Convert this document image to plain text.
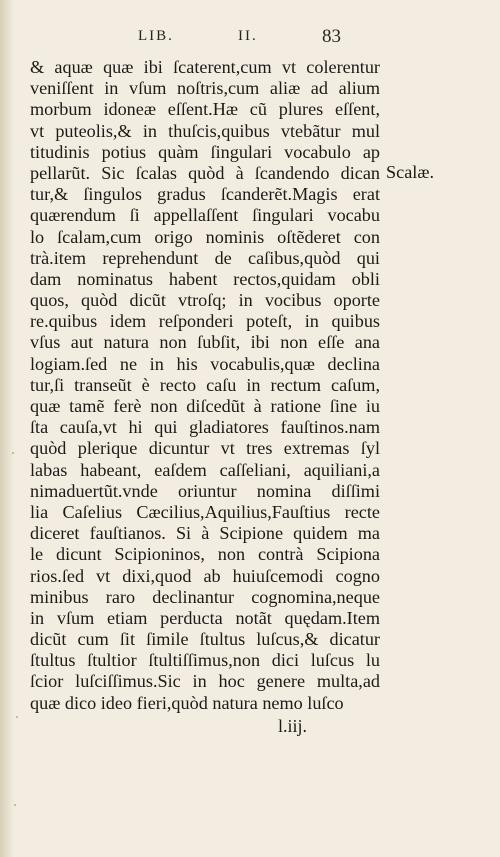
LIB.	II.	83
& aquæ quæ ibi ſcaterent,cum vt colerentur
veniſſent in vſum noſtris,cum aliæ ad alium
morbum idoneæ eſſent.Hæ cũ plures eſſent,
vt puteolis,& in thuſcis,quibus vtebãtur mul
titudinis potius quàm ſingulari vocabulo ap
pellarũt. Sic ſcalas quòd à ſcandendo dican
tur,& ſingulos gradus ſcanderẽt.Magis erat
quærendum ſi appellaſſent ſingulari vocabu
lo ſcalam,cum origo nominis oſtẽderet con
trà.item reprehendunt de caſibus,quòd qui
dam nominatus habent rectos,quidam obli
quos, quòd dicũt vtroſq; in vocibus oporte
re.quibus idem reſponderi poteſt, in quibus
vſus aut natura non ſubſit, ibi non eſſe ana
logiam.ſed ne in his vocabulis,quæ declina
tur,ſi transeũt è recto caſu in rectum caſum,
quæ tamẽ ferè non diſcedũt à ratione ſine iu
ſta cauſa,vt hi qui gladiatores fauſtinos.nam
quòd plerique dicuntur vt tres extremas ſyl
labas habeant, eaſdem caſſeliani, aquiliani,a
nimaduertũt.vnde oriuntur nomina diſſimi
lia Caſelius Cæcilius,Aquilius,Fauſtius recte
diceret fauſtianos. Si à Scipione quidem ma
le dicunt Scipioninos, non contrà Scipiona
rios.ſed vt dixi,quod ab huiuſcemodi cogno
minibus raro declinantur cognomina,neque
in vſum etiam perducta notãt quędam.Item
dicũt cum ſit ſimile ſtultus luſcus,& dicatur
ſtultus ſtultior ſtultiſſimus,non dici luſcus lu
ſcior luſciſſimus.Sic in hoc genere multa,ad
quæ dico ideo fieri,quòd natura nemo luſco
Scalæ.
l.iij.
